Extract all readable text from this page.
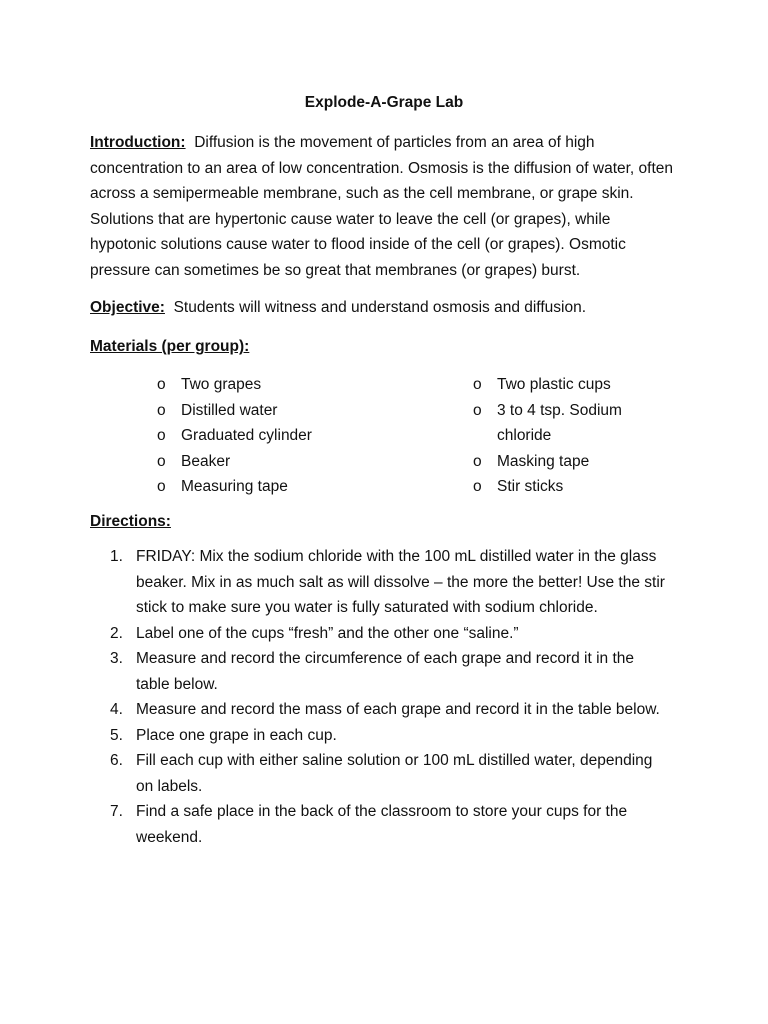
Explode-A-Grape Lab
Introduction: Diffusion is the movement of particles from an area of high concentration to an area of low concentration. Osmosis is the diffusion of water, often across a semipermeable membrane, such as the cell membrane, or grape skin. Solutions that are hypertonic cause water to leave the cell (or grapes), while hypotonic solutions cause water to flood inside of the cell (or grapes). Osmotic pressure can sometimes be so great that membranes (or grapes) burst.
Objective: Students will witness and understand osmosis and diffusion.
Materials (per group):
o Two grapes
o Distilled water
o Graduated cylinder
o Beaker
o Measuring tape
o Two plastic cups
o 3 to 4 tsp. Sodium chloride
o Masking tape
o Stir sticks
Directions:
1. FRIDAY: Mix the sodium chloride with the 100 mL distilled water in the glass beaker. Mix in as much salt as will dissolve – the more the better! Use the stir stick to make sure you water is fully saturated with sodium chloride.
2. Label one of the cups “fresh” and the other one “saline.”
3. Measure and record the circumference of each grape and record it in the table below.
4. Measure and record the mass of each grape and record it in the table below.
5. Place one grape in each cup.
6. Fill each cup with either saline solution or 100 mL distilled water, depending on labels.
7. Find a safe place in the back of the classroom to store your cups for the weekend.
